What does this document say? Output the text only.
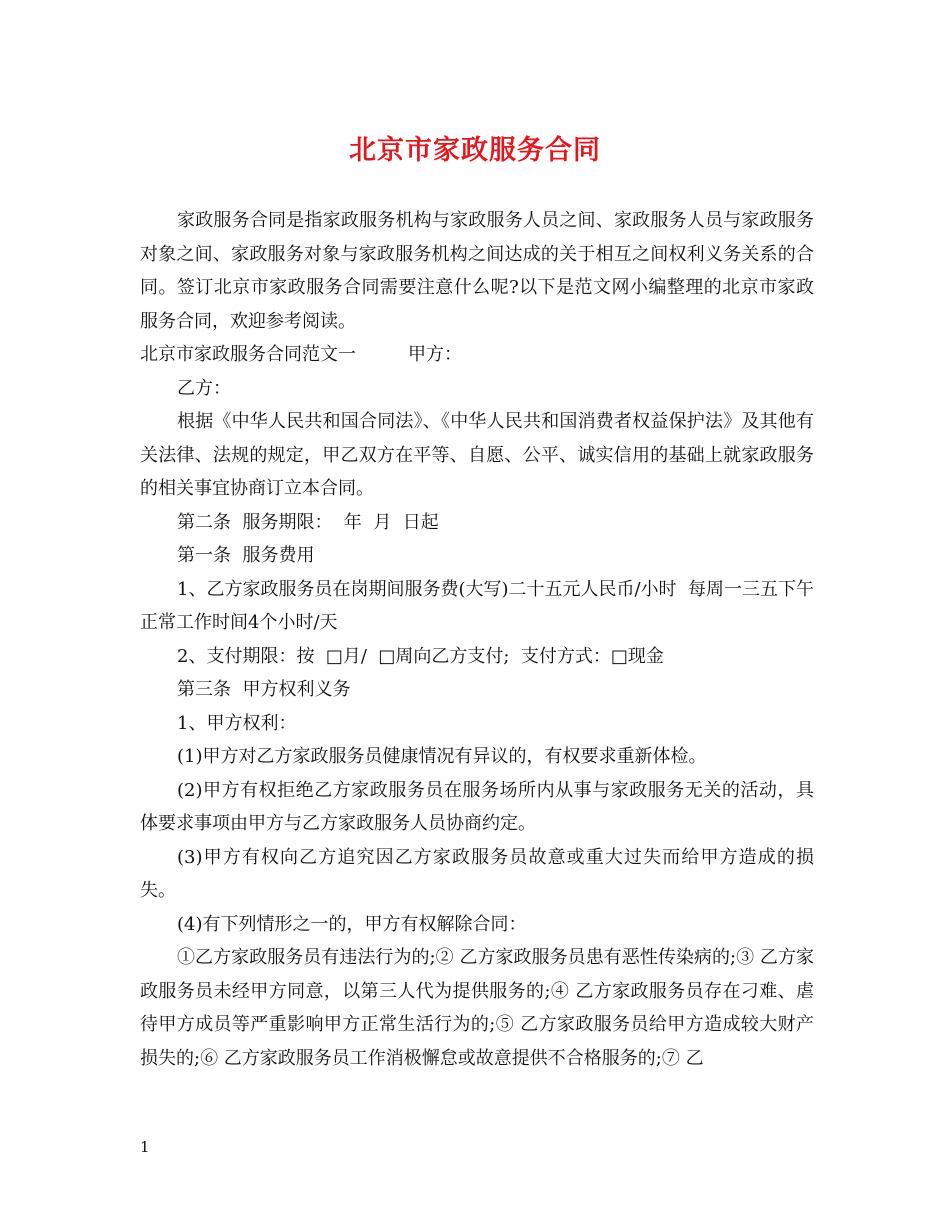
北京市家政服务合同

家政服务合同是指家政服务机构与家政服务人员之间、家政服务人员与家政服务对象之间、家政服务对象与家政服务机构之间达成的关于相互之间权利义务关系的合同。签订北京市家政服务合同需要注意什么呢?以下是范文网小编整理的北京市家政服务合同，欢迎参考阅读。

北京市家政服务合同范文一	甲方：

乙方：

根据《中华人民共和国合同法》、《中华人民共和国消费者权益保护法》及其他有关法律、法规的规定，甲乙双方在平等、自愿、公平、诚实信用的基础上就家政服务的相关事宜协商订立本合同。

第二条  服务期限：  年  月  日起

第一条  服务费用

1、乙方家政服务员在岗期间服务费(大写)二十五元人民币/小时  每周一三五下午  正常工作时间4个小时/天

2、支付期限：按  □月/  □周向乙方支付;  支付方式：□现金

第三条  甲方权利义务

1、甲方权利：

(1)甲方对乙方家政服务员健康情况有异议的，有权要求重新体检。

(2)甲方有权拒绝乙方家政服务员在服务场所内从事与家政服务无关的活动，具体要求事项由甲方与乙方家政服务人员协商约定。

(3)甲方有权向乙方追究因乙方家政服务员故意或重大过失而给甲方造成的损失。

(4)有下列情形之一的，甲方有权解除合同：

①乙方家政服务员有违法行为的;② 乙方家政服务员患有恶性传染病的;③ 乙方家政服务员未经甲方同意，以第三人代为提供服务的;④ 乙方家政服务员存在刁难、虐待甲方成员等严重影响甲方正常生活行为的;⑤ 乙方家政服务员给甲方造成较大财产损失的;⑥ 乙方家政服务员工作消极懈怠或故意提供不合格服务的;⑦ 乙

1
